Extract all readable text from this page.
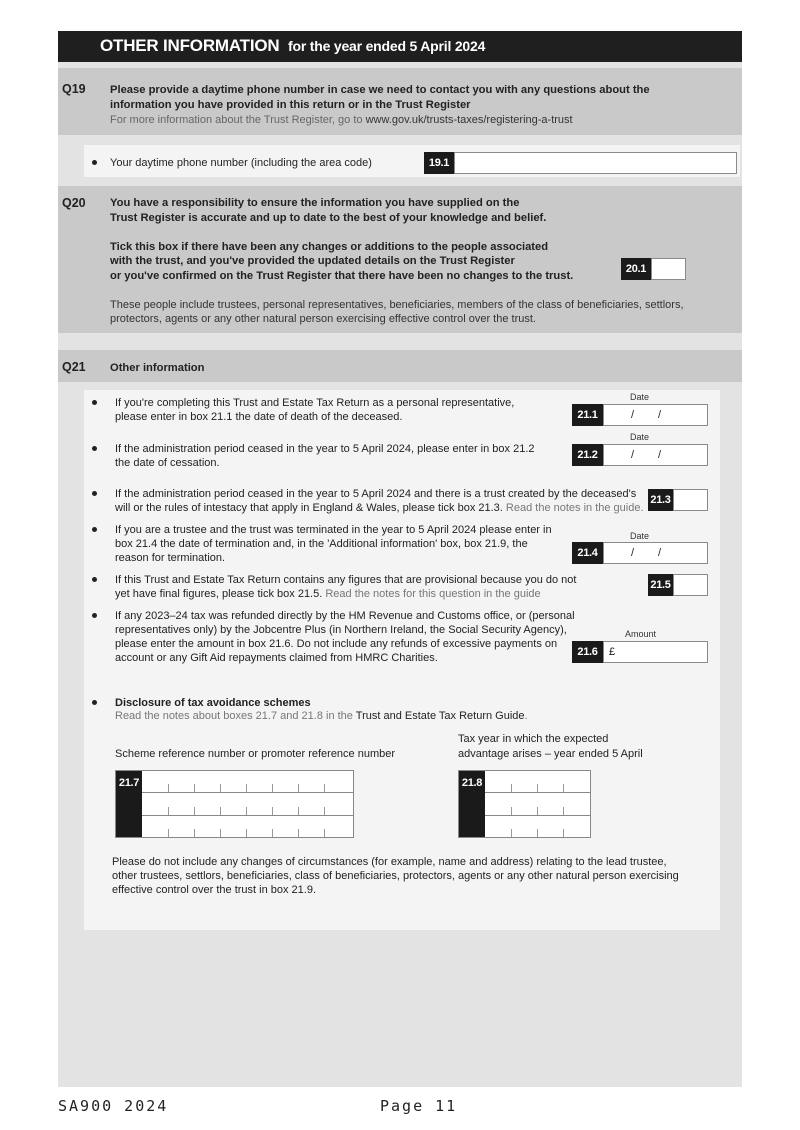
OTHER INFORMATION for the year ended 5 April 2024
Q19 Please provide a daytime phone number in case we need to contact you with any questions about the
information you have provided in this return or in the Trust Register
For more information about the Trust Register, go to www.gov.uk/trusts-taxes/registering-a-trust
Your daytime phone number (including the area code)	19.1
Q20 You have a responsibility to ensure the information you have supplied on the
Trust Register is accurate and up to date to the best of your knowledge and belief.
Tick this box if there have been any changes or additions to the people associated
with the trust, and you've provided the updated details on the Trust Register
or you've confirmed on the Trust Register that there have been no changes to the trust.
These people include trustees, personal representatives, beneficiaries, members of the class of beneficiaries, settlors,
protectors, agents or any other natural person exercising effective control over the trust.
20.1
Q21 Other information
If you're completing this Trust and Estate Tax Return as a personal representative,
please enter in box 21.1 the date of death of the deceased.
Date
21.1	/ /
If the administration period ceased in the year to 5 April 2024, please enter in box 21.2
the date of cessation.
Date
21.2	/ /
If the administration period ceased in the year to 5 April 2024 and there is a trust created by the deceased's
will or the rules of intestacy that apply in England & Wales, please tick box 21.3. Read the notes in the guide.
21.3
If you are a trustee and the trust was terminated in the year to 5 April 2024 please enter in
box 21.4 the date of termination and, in the 'Additional information' box, box 21.9, the
reason for termination.
Date
21.4	/ /
If this Trust and Estate Tax Return contains any figures that are provisional because you do not
yet have final figures, please tick box 21.5. Read the notes for this question in the guide
21.5
If any 2023–24 tax was refunded directly by the HM Revenue and Customs office, or (personal
representatives only) by the Jobcentre Plus (in Northern Ireland, the Social Security Agency),
please enter the amount in box 21.6. Do not include any refunds of excessive payments on
account or any Gift Aid repayments claimed from HMRC Charities.
Amount
21.6	£
Disclosure of tax avoidance schemes
Read the notes about boxes 21.7 and 21.8 in the Trust and Estate Tax Return Guide.
Scheme reference number or promoter reference number
Tax year in which the expected
advantage arises – year ended 5 April
21.7	21.8
Please do not include any changes of circumstances (for example, name and address) relating to the lead trustee,
other trustees, settlors, beneficiaries, class of beneficiaries, protectors, agents or any other natural person exercising
effective control over the trust in box 21.9.
SA900 2024	Page 11
